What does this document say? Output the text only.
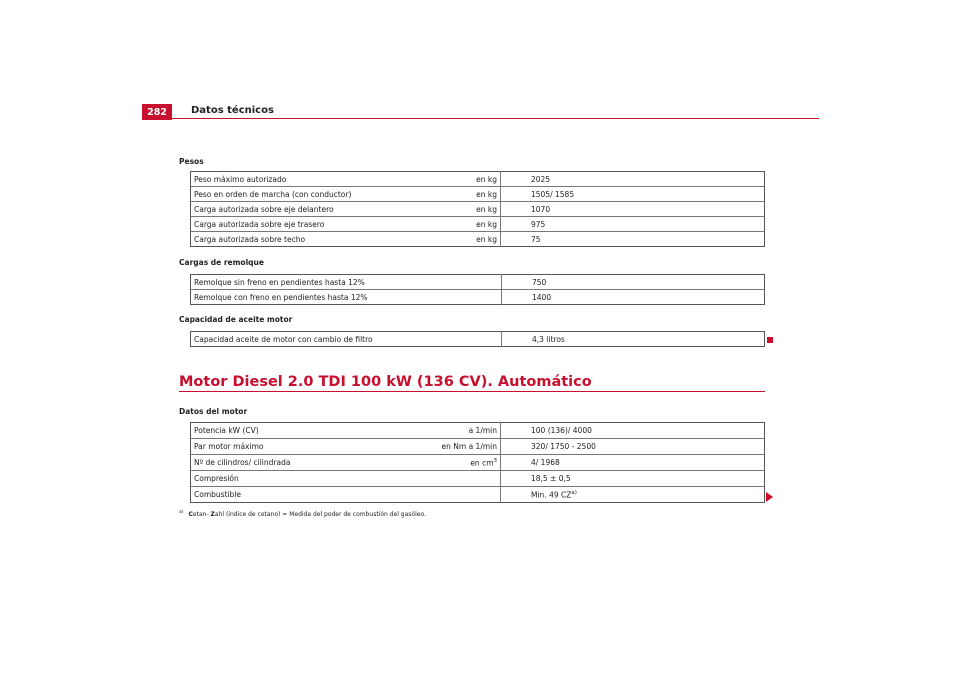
282	Datos técnicos
Pesos
Peso máximo autorizado	en kg	2025
Peso en orden de marcha (con conductor)	en kg	1505/ 1585
Carga autorizada sobre eje delantero	en kg	1070
Carga autorizada sobre eje trasero	en kg	975
Carga autorizada sobre techo	en kg	75
Cargas de remolque
Remolque sin freno en pendientes hasta 12%	750
Remolque con freno en pendientes hasta 12%	1400
Capacidad de aceite motor
Capacidad aceite de motor con cambio de filtro	4,3 litros
Motor Diesel 2.0 TDI 100 kW (136 CV). Automático
Datos del motor
Potencia kW (CV)	a 1/min	100 (136)/ 4000
Par motor máximo	en Nm a 1/min	320/ 1750 - 2500
Nº de cilindros/ cilindrada	en $cm^3$	4/ 1968
Compresión		18,5 ± 0,5
Combustible		Min. 49 CZ$^{a)}$
$^{a)}$ Cetan- Zahl (índice de cetano) = Medida del poder de combustión del gasóleo.
